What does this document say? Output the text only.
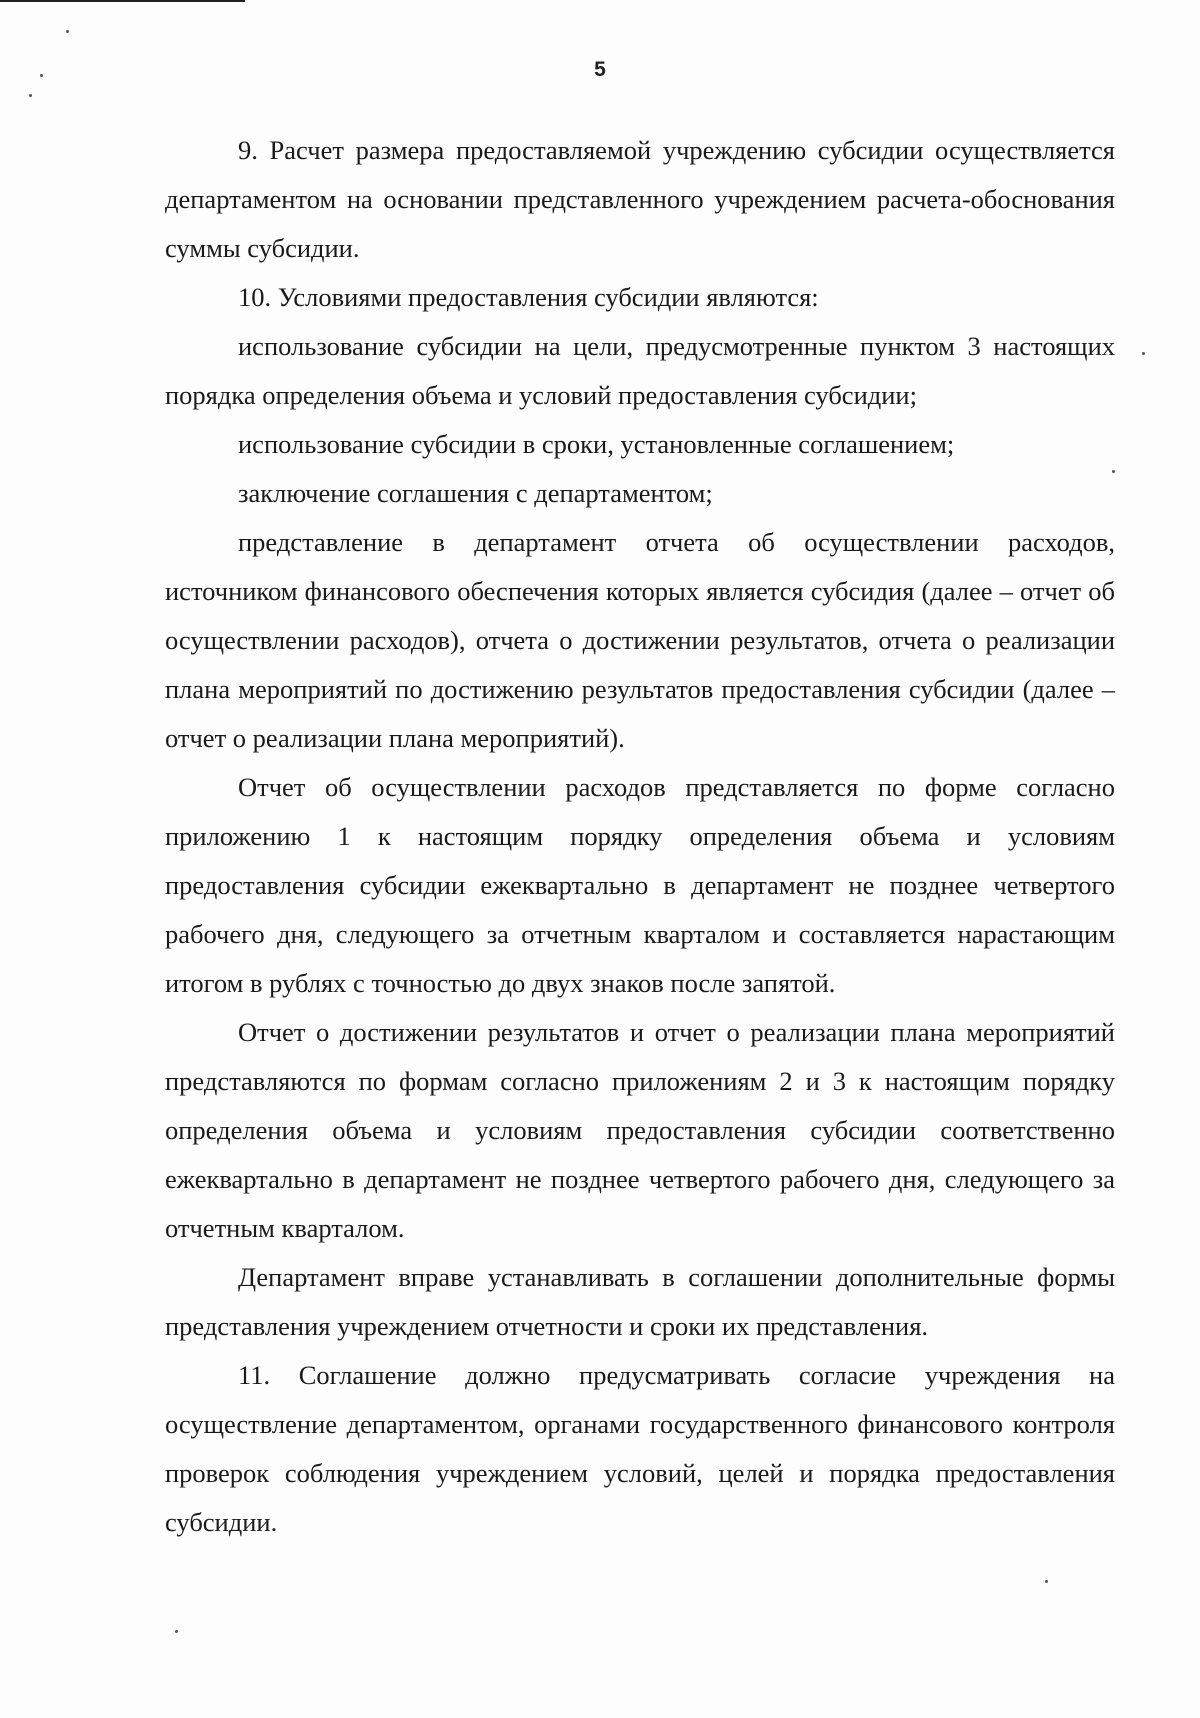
5

9. Расчет размера предоставляемой учреждению субсидии осуществляется департаментом на основании представленного учреждением расчета-обоснования суммы субсидии.

10. Условиями предоставления субсидии являются:

использование субсидии на цели, предусмотренные пунктом 3 настоящих порядка определения объема и условий предоставления субсидии;

использование субсидии в сроки, установленные соглашением;

заключение соглашения с департаментом;

представление в департамент отчета об осуществлении расходов, источником финансового обеспечения которых является субсидия (далее – отчет об осуществлении расходов), отчета о достижении результатов, отчета о реализации плана мероприятий по достижению результатов предоставления субсидии (далее – отчет о реализации плана мероприятий).

Отчет об осуществлении расходов представляется по форме согласно приложению 1 к настоящим порядку определения объема и условиям предоставления субсидии ежеквартально в департамент не позднее четвертого рабочего дня, следующего за отчетным кварталом и составляется нарастающим итогом в рублях с точностью до двух знаков после запятой.

Отчет о достижении результатов и отчет о реализации плана мероприятий представляются по формам согласно приложениям 2 и 3 к настоящим порядку определения объема и условиям предоставления субсидии соответственно ежеквартально в департамент не позднее четвертого рабочего дня, следующего за отчетным кварталом.

Департамент вправе устанавливать в соглашении дополнительные формы представления учреждением отчетности и сроки их представления.

11. Соглашение должно предусматривать согласие учреждения на осуществление департаментом, органами государственного финансового контроля проверок соблюдения учреждением условий, целей и порядка предоставления субсидии.
